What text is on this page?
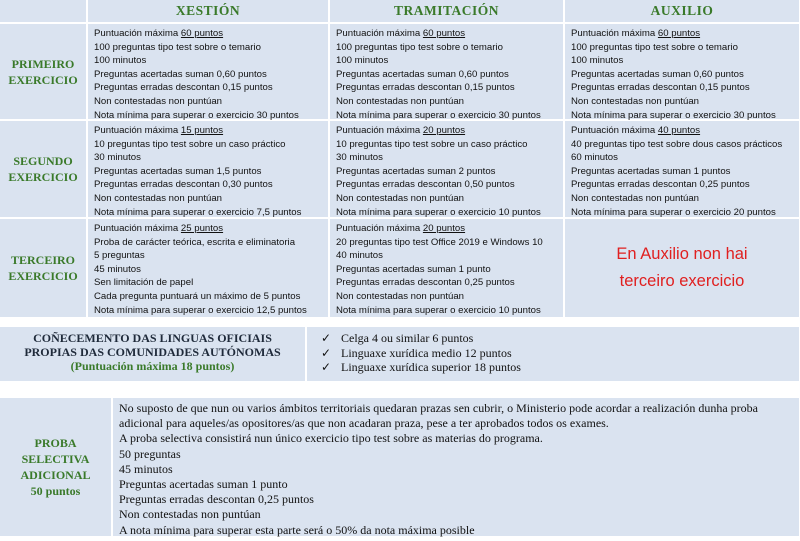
XESTIÓN	TRAMITACIÓN	AUXILIO
PRIMEIRO
EXERCICIO
Puntuación máxima 60 puntos
100 preguntas tipo test sobre o temario
100 minutos
Preguntas acertadas suman 0,60 puntos
Preguntas erradas descontan 0,15 puntos
Non contestadas non puntúan
Nota mínima para superar o exercicio 30 puntos
Puntuación máxima 60 puntos
100 preguntas tipo test sobre o temario
100 minutos
Preguntas acertadas suman 0,60 puntos
Preguntas erradas descontan 0,15 puntos
Non contestadas non puntúan
Nota mínima para superar o exercicio 30 puntos
Puntuación máxima 60 puntos
100 preguntas tipo test sobre o temario
100 minutos
Preguntas acertadas suman 0,60 puntos
Preguntas erradas descontan 0,15 puntos
Non contestadas non puntúan
Nota mínima para superar o exercicio 30 puntos
SEGUNDO
EXERCICIO
Puntuación máxima 15 puntos
10 preguntas tipo test sobre un caso práctico
30 minutos
Preguntas acertadas suman 1,5 puntos
Preguntas erradas descontan 0,30 puntos
Non contestadas non puntúan
Nota mínima para superar o exercicio 7,5 puntos
Puntuación máxima 20 puntos
10 preguntas tipo test sobre un caso práctico
30 minutos
Preguntas acertadas suman 2 puntos
Preguntas erradas descontan 0,50 puntos
Non contestadas non puntúan
Nota mínima para superar o exercicio 10 puntos
Puntuación máxima 40 puntos
40 preguntas tipo test sobre dous casos prácticos
60 minutos
Preguntas acertadas suman 1 puntos
Preguntas erradas descontan 0,25 puntos
Non contestadas non puntúan
Nota mínima para superar o exercicio 20 puntos
TERCEIRO
EXERCICIO
Puntuación máxima 25 puntos
Proba de carácter teórica, escrita e eliminatoria
5 preguntas
45 minutos
Sen limitación de papel
Cada pregunta puntuará un máximo de 5 puntos
Nota mínima para superar o exercicio 12,5 puntos
Puntuación máxima 20 puntos
20 preguntas tipo test Office 2019 e Windows 10
40 minutos
Preguntas acertadas suman 1 punto
Preguntas erradas descontan 0,25 puntos
Non contestadas non puntúan
Nota mínima para superar o exercicio 10 puntos
En Auxilio non hai
terceiro exercicio
COÑECEMENTO DAS LINGUAS OFICIAIS
PROPIAS DAS COMUNIDADES AUTÓNOMAS
(Puntuación máxima 18 puntos)
✓ Celga 4 ou similar 6 puntos
✓ Linguaxe xurídica medio 12 puntos
✓ Linguaxe xurídica superior 18 puntos
PROBA
SELECTIVA
ADICIONAL
50 puntos
No suposto de que nun ou varios ámbitos territoriais quedaran prazas sen cubrir, o Ministerio pode acordar a realización dunha proba
adicional para aqueles/as opositores/as que non acadaran praza, pese a ter aprobados todos os exames.
A proba selectiva consistirá nun único exercicio tipo test sobre as materias do programa.
50 preguntas
45 minutos
Preguntas acertadas suman 1 punto
Preguntas erradas descontan 0,25 puntos
Non contestadas non puntúan
A nota mínima para superar esta parte será o 50% da nota máxima posible
